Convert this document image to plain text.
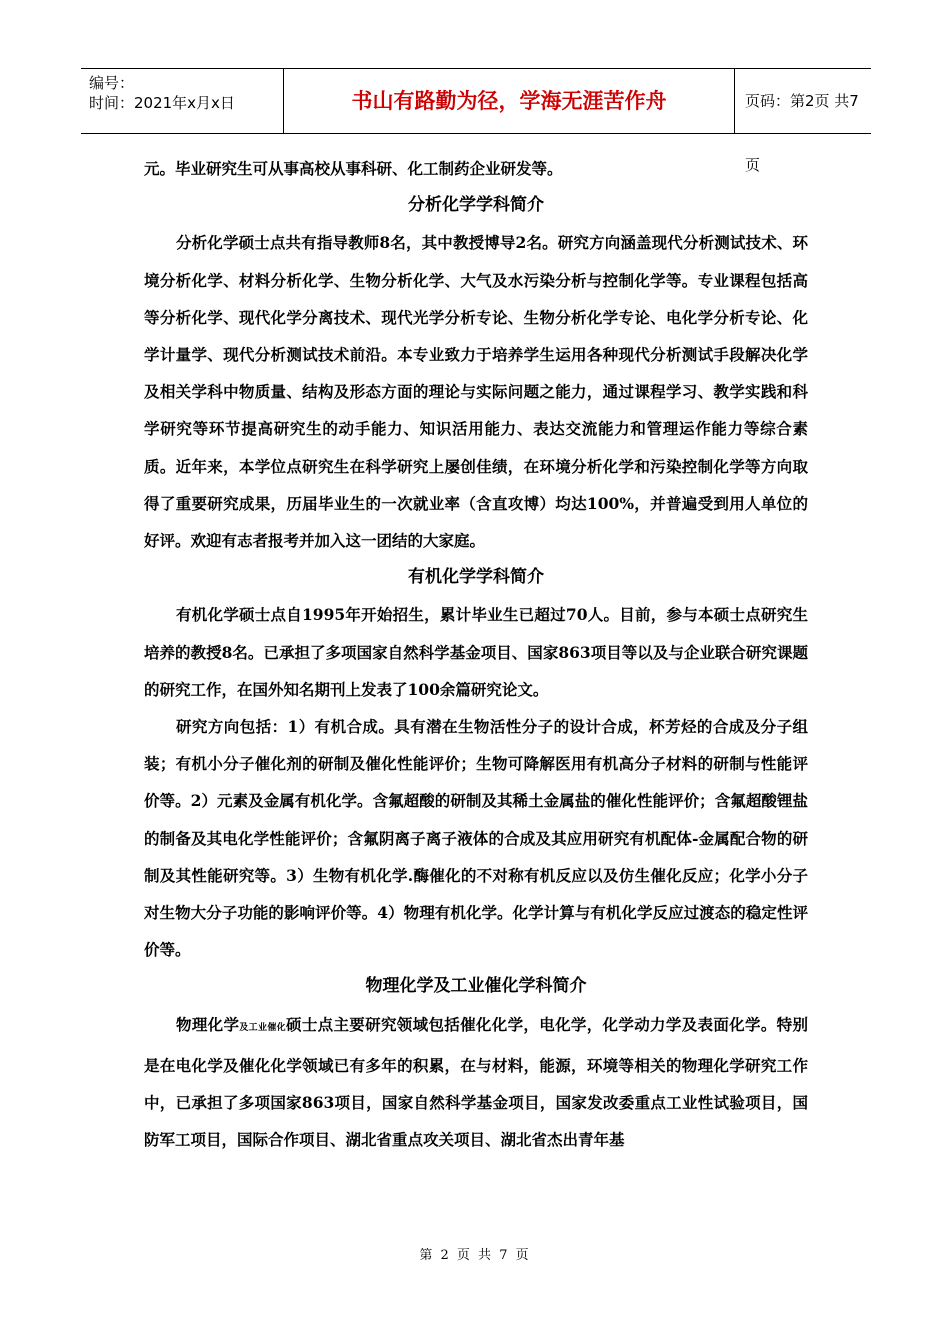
编号：
时间：2021年x月x日	书山有路勤为径，学海无涯苦作舟	页码：第2页 共7页

元。毕业研究生可从事高校从事科研、化工制药企业研发等。

分析化学学科简介

分析化学硕士点共有指导教师8名，其中教授博导2名。研究方向涵盖现代分析测试技术、环境分析化学、材料分析化学、生物分析化学、大气及水污染分析与控制化学等。专业课程包括高等分析化学、现代化学分离技术、现代光学分析专论、生物分析化学专论、电化学分析专论、化学计量学、现代分析测试技术前沿。本专业致力于培养学生运用各种现代分析测试手段解决化学及相关学科中物质量、结构及形态方面的理论与实际问题之能力，通过课程学习、教学实践和科学研究等环节提高研究生的动手能力、知识活用能力、表达交流能力和管理运作能力等综合素质。近年来，本学位点研究生在科学研究上屡创佳绩，在环境分析化学和污染控制化学等方向取得了重要研究成果，历届毕业生的一次就业率（含直攻博）均达100%，并普遍受到用人单位的好评。欢迎有志者报考并加入这一团结的大家庭。

有机化学学科简介

有机化学硕士点自1995年开始招生，累计毕业生已超过70人。目前，参与本硕士点研究生培养的教授8名。已承担了多项国家自然科学基金项目、国家863项目等以及与企业联合研究课题的研究工作，在国外知名期刊上发表了100余篇研究论文。

研究方向包括：1）有机合成。具有潜在生物活性分子的设计合成，杯芳烃的合成及分子组装；有机小分子催化剂的研制及催化性能评价；生物可降解医用有机高分子材料的研制与性能评价等。2）元素及金属有机化学。含氟超酸的研制及其稀土金属盐的催化性能评价；含氟超酸锂盐的制备及其电化学性能评价；含氟阴离子离子液体的合成及其应用研究有机配体-金属配合物的研制及其性能研究等。3）生物有机化学.酶催化的不对称有机反应以及仿生催化反应；化学小分子对生物大分子功能的影响评价等。4）物理有机化学。化学计算与有机化学反应过渡态的稳定性评价等。

物理化学及工业催化学科简介

物理化学及工业催化硕士点主要研究领域包括催化化学，电化学，化学动力学及表面化学。特别是在电化学及催化化学领域已有多年的积累，在与材料，能源，环境等相关的物理化学研究工作中，已承担了多项国家863项目，国家自然科学基金项目，国家发改委重点工业性试验项目，国防军工项目，国际合作项目、湖北省重点攻关项目、湖北省杰出青年基

第 2 页 共 7 页
